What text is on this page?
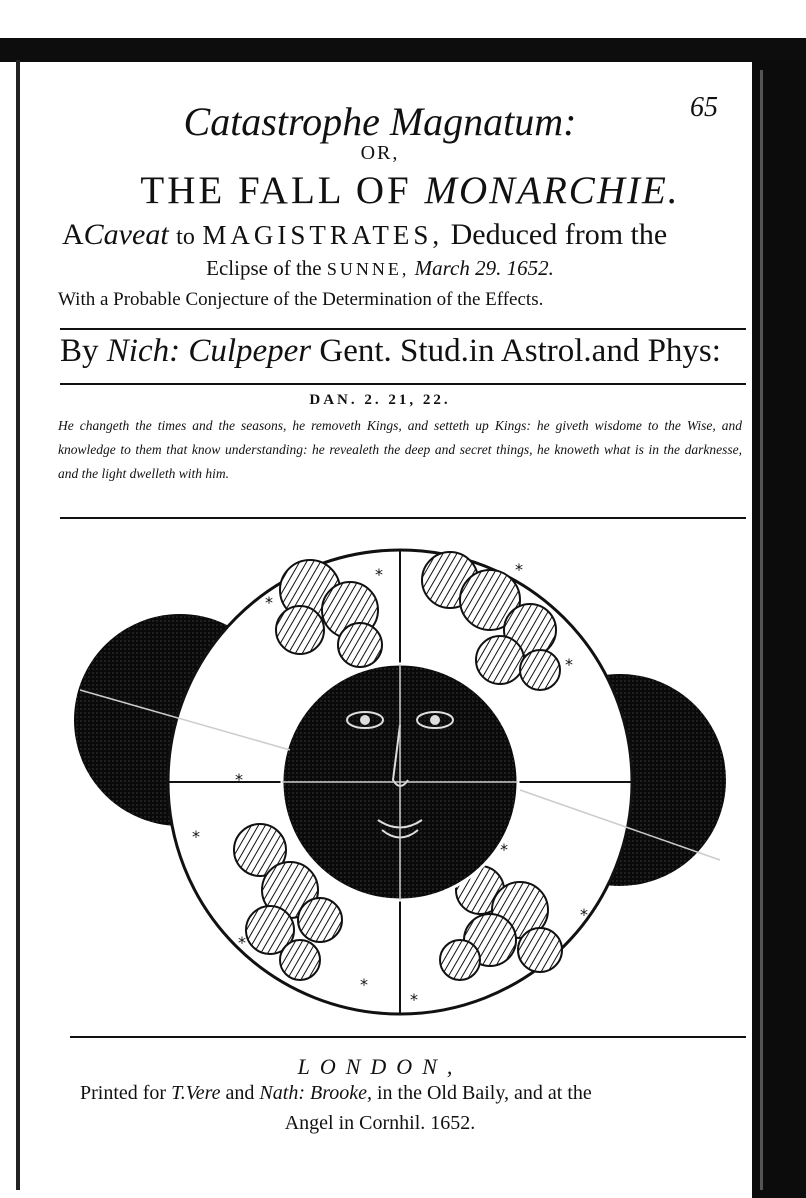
65
Catastrophe Magnatum:
OR,
THE FALL OF MONARCHIE.
ACaveat to MAGISTRATES, Deduced from the
Eclipse of the SUNNE, March 29. 1652.
With a Probable Conjecture of the Determination of the Effects.
By Nich: Culpeper Gent. Stud.in Astrol.and Phys:
DAN. 2. 21, 22.
He changeth the times and the seasons, he removeth Kings, and setteth up Kings: he giveth wisdome to the Wise, and knowledge to them that know understanding: he revealeth the deep and secret things, he knoweth what is in the darknesse, and the light dwelleth with him.
*
*
*
*
*
*
*
*
*
*
*
LONDON,
Printed for T.Vere and Nath: Brooke, in the Old Baily, and at the
Angel in Cornhil. 1652.
